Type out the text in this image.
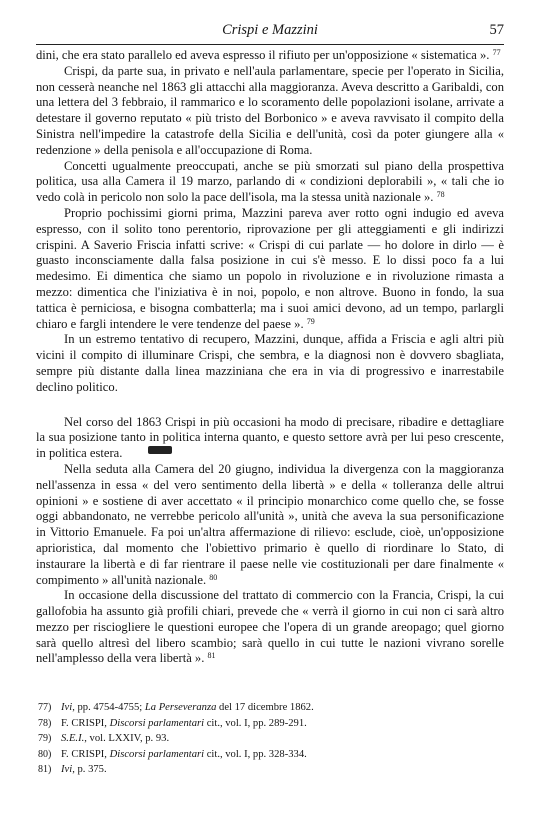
Crispi e Mazzini	57

dini, che era stato parallelo ed aveva espresso il rifiuto per un'opposizione « sistematica ». $^{77}$

Crispi, da parte sua, in privato e nell'aula parlamentare, specie per l'operato in Sicilia, non cesserà neanche nel 1863 gli attacchi alla maggioranza. Aveva descritto a Garibaldi, con una lettera del 3 febbraio, il rammarico e lo scoramento delle popolazioni isolane, arrivate a detestare il governo reputato « più tristo del Borbonico » e aveva ravvisato il compito della Sinistra nell'impedire la catastrofe della Sicilia e dell'unità, così da poter giungere alla « redenzione » della penisola e all'occupazione di Roma.

Concetti ugualmente preoccupati, anche se più smorzati sul piano della prospettiva politica, usa alla Camera il 19 marzo, parlando di « condizioni deplorabili », « tali che io vedo colà in pericolo non solo la pace dell'isola, ma la stessa unità nazionale ». $^{78}$

Proprio pochissimi giorni prima, Mazzini pareva aver rotto ogni indugio ed aveva espresso, con il solito tono perentorio, riprovazione per gli atteggiamenti e gli indirizzi crispini. A Saverio Friscia infatti scrive: « Crispi di cui parlate — ho dolore in dirlo — è guasto inconsciamente dalla falsa posizione in cui s'è messo. E lo dissi poco fa a lui medesimo. Ei dimentica che siamo un popolo in rivoluzione e in rivoluzione rimasta a mezzo: dimentica che l'iniziativa è in noi, popolo, e non altrove. Buono in fondo, la sua tattica è perniciosa, e bisogna combatterla; ma i suoi amici devono, ad un tempo, parlargli chiaro e fargli intendere le vere tendenze del paese ». $^{79}$

In un estremo tentativo di recupero, Mazzini, dunque, affida a Friscia e agli altri più vicini il compito di illuminare Crispi, che sembra, e la diagnosi non è dovvero sbagliata, sempre più distante dalla linea mazziniana che era in via di progressivo e inarrestabile declino politico.

Nel corso del 1863 Crispi in più occasioni ha modo di precisare, ribadire e dettagliare la sua posizione tanto in politica interna quanto, e questo settore avrà per lui peso crescente, in politica estera.

Nella seduta alla Camera del 20 giugno, individua la divergenza con la maggioranza nell'assenza in essa « del vero sentimento della libertà » e della « tolleranza delle altrui opinioni » e sostiene di aver accettato « il principio monarchico come quello che, se fosse oggi abbandonato, ne verrebbe pericolo all'unità », unità che aveva la sua personificazione in Vittorio Emanuele. Fa poi un'altra affermazione di rilievo: esclude, cioè, un'opposizione aprioristica, dal momento che l'obiettivo primario è quello di riordinare lo Stato, di instaurare la libertà e di far rientrare il paese nelle vie costituzionali per dare finalmente « compimento » all'unità nazionale. $^{80}$

In occasione della discussione del trattato di commercio con la Francia, Crispi, la cui gallofobia ha assunto già profili chiari, prevede che « verrà il giorno in cui non ci sarà altro mezzo per risciogliere le questioni europee che l'opera di un grande areopago; quel giorno sarà quello altresì del libero scambio; sarà quello in cui tutte le nazioni vivrano sorelle nell'amplesso della vera libertà ». $^{81}$

77) Ivi, pp. 4754-4755; La Perseveranza del 17 dicembre 1862.
78) F. CRISPI, Discorsi parlamentari cit., vol. I, pp. 289-291.
79) S.E.I., vol. LXXIV, p. 93.
80) F. CRISPI, Discorsi parlamentari cit., vol. I, pp. 328-334.
81) Ivi, p. 375.
